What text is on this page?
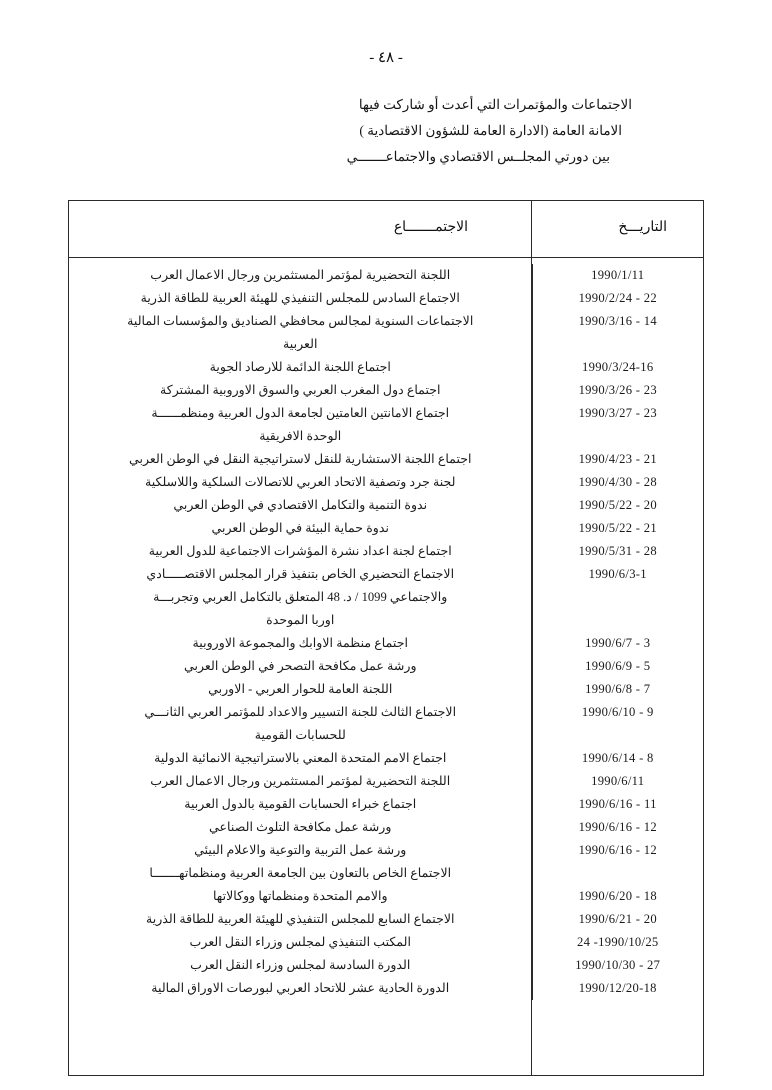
- ٤٨ -
الاجتماعات والمؤتمرات التي أعدت أو شاركت فيها
الامانة العامة (الادارة العامة للشؤون الاقتصادية )
بين دورتي المجلــس الاقتصادي والاجتماعـــــــي
التاريـــخ
الاجتمـــــــاع
1990/1/11
اللجنة التحضيرية لمؤتمر المستثمرين ورجال الاعمال العرب
22 - 1990/2/24
الاجتماع السادس للمجلس التنفيذي للهيئة العربية للطاقة الذرية
14 - 1990/3/16
الاجتماعات السنوية لمجالس محافظي الصناديق والمؤسسات المالية
العربية
1990/3/24-16
اجتماع اللجنة الدائمة للارصاد الجوية
23 - 1990/3/26
اجتماع دول المغرب العربي والسوق الاوروبية المشتركة
23 - 1990/3/27
اجتماع الامانتين العامتين لجامعة الدول العربية ومنظمــــــة
الوحدة الافريقية
21 - 1990/4/23
اجتماع اللجنة الاستشارية للنقل لاستراتيجية النقل في الوطن العربي
28 - 1990/4/30
لجنة جرد وتصفية الاتحاد العربي للاتصالات السلكية واللاسلكية
20 - 1990/5/22
ندوة التنمية والتكامل الاقتصادي في الوطن العربي
21 - 1990/5/22
ندوة حماية البيئة في الوطن العربي
28 - 1990/5/31
اجتماع لجنة اعداد نشرة المؤشرات الاجتماعية للدول العربية
1990/6/3-1
الاجتماع التحضيري الخاص بتنفيذ قرار المجلس الاقتصـــــادي
والاجتماعي 1099 / د. 48 المتعلق بالتكامل العربي وتجربـــة
اوربا الموحدة
3 - 1990/6/7
اجتماع منظمة الاوابك والمجموعة الاوروبية
5 - 1990/6/9
ورشة عمل مكافحة التصحر في الوطن العربي
7 - 1990/6/8
اللجنة العامة للحوار العربي - الاوربي
9 - 1990/6/10
الاجتماع الثالث للجنة التسيير والاعداد للمؤتمر العربي الثانـــي
للحسابات القومية
8 - 1990/6/14
اجتماع الامم المتحدة المعني بالاستراتيجية الانمائية الدولية
1990/6/11
اللجنة التحضيرية لمؤتمر المستثمرين ورجال الاعمال العرب
11 - 1990/6/16
اجتماع خبراء الحسابات القومية بالدول العربية
12 - 1990/6/16
ورشة عمل مكافحة التلوث الصناعي
12 - 1990/6/16
ورشة عمل التربية والتوعية والاعلام البيئي
الاجتماع الخاص بالتعاون بين الجامعة العربية ومنظماتهـــــــا
18 - 1990/6/20
والامم المتحدة ومنظماتها ووكالاتها
20 - 1990/6/21
الاجتماع السابع للمجلس التنفيذي للهيئة العربية للطاقة الذرية
1990/10/25- 24
المكتب التنفيذي لمجلس وزراء النقل العرب
27 - 1990/10/30
الدورة السادسة لمجلس وزراء النقل العرب
1990/12/20-18
الدورة الحادية عشر للاتحاد العربي لبورصات الاوراق المالية
